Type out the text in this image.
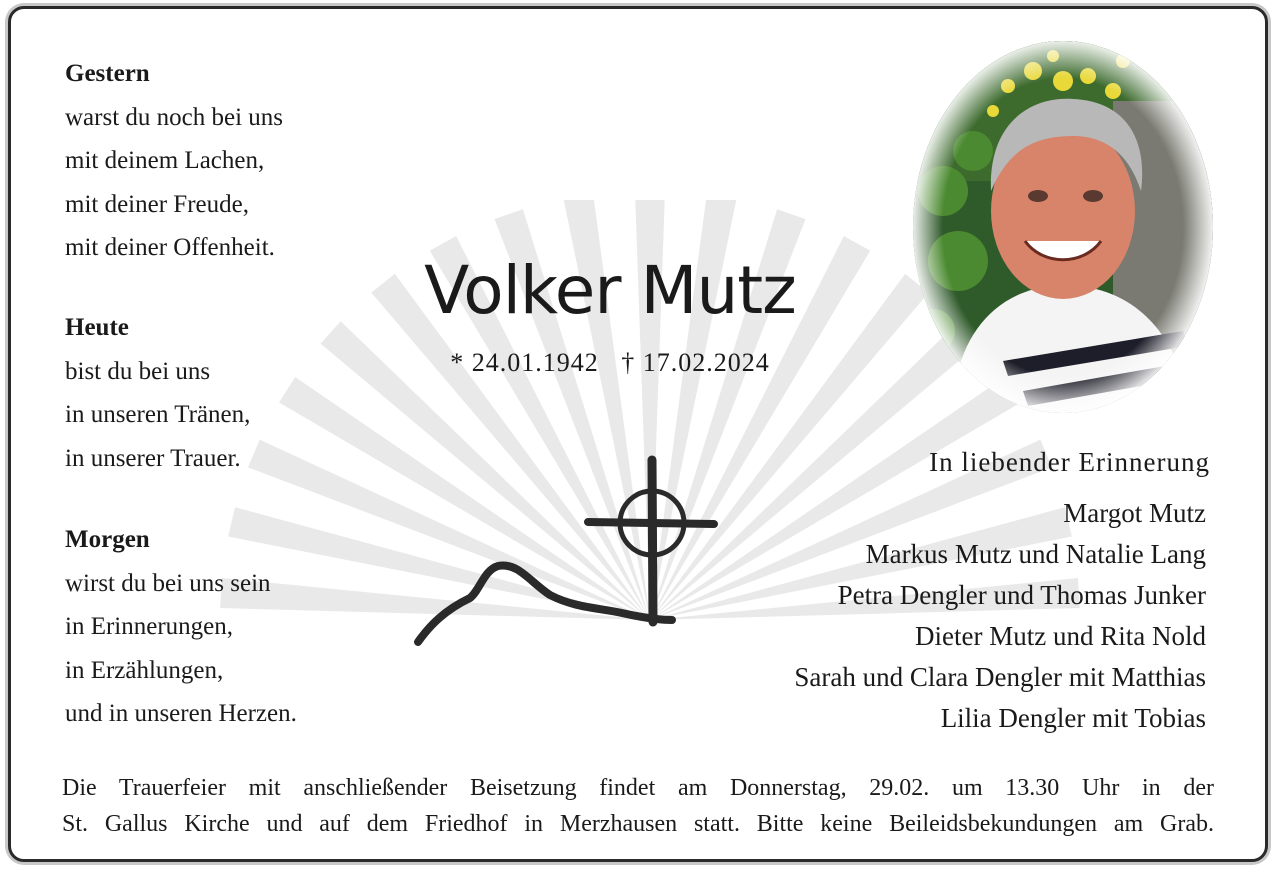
Gestern
warst du noch bei uns
mit deinem Lachen,
mit deiner Freude,
mit deiner Offenheit.
Heute
bist du bei uns
in unseren Tränen,
in unserer Trauer.
Morgen
wirst du bei uns sein
in Erinnerungen,
in Erzählungen,
und in unseren Herzen.
Volker Mutz
* 24.01.1942   † 17.02.2024
In liebender Erinnerung
Margot Mutz
Markus Mutz und Natalie Lang
Petra Dengler und Thomas Junker
Dieter Mutz und Rita Nold
Sarah und Clara Dengler mit Matthias
Lilia Dengler mit Tobias
Die Trauerfeier mit anschließender Beisetzung findet am Donnerstag, 29.02. um 13.30 Uhr in der
St. Gallus Kirche und auf dem Friedhof in Merzhausen statt. Bitte keine Beileidsbekundungen am Grab.
